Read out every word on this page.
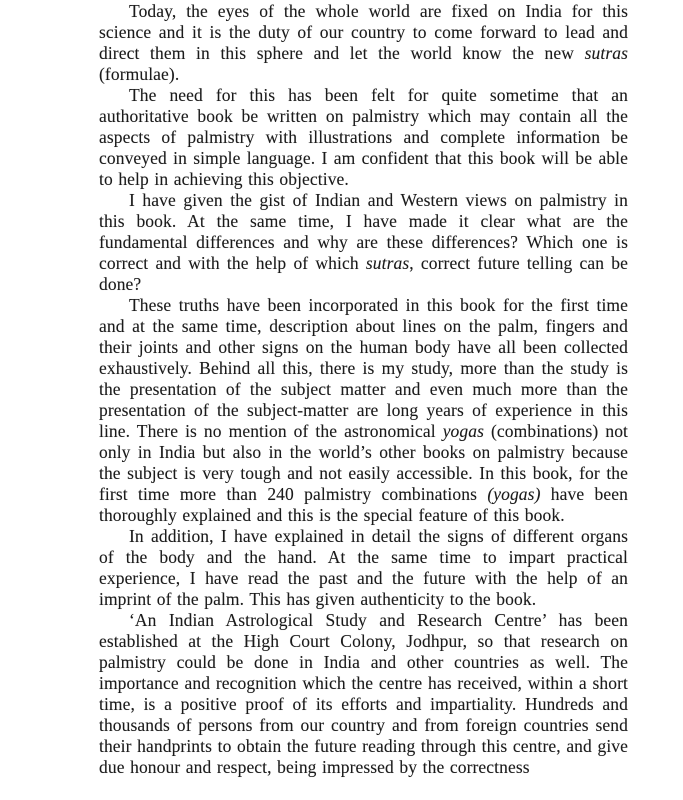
Today, the eyes of the whole world are fixed on India for this science and it is the duty of our country to come forward to lead and direct them in this sphere and let the world know the new sutras (formulae).

The need for this has been felt for quite sometime that an authoritative book be written on palmistry which may contain all the aspects of palmistry with illustrations and complete information be conveyed in simple language. I am confident that this book will be able to help in achieving this objective.

I have given the gist of Indian and Western views on palmistry in this book. At the same time, I have made it clear what are the fundamental differences and why are these differences? Which one is correct and with the help of which sutras, correct future telling can be done?

These truths have been incorporated in this book for the first time and at the same time, description about lines on the palm, fingers and their joints and other signs on the human body have all been collected exhaustively. Behind all this, there is my study, more than the study is the presentation of the subject matter and even much more than the presentation of the subject-matter are long years of experience in this line. There is no mention of the astronomical yogas (combinations) not only in India but also in the world’s other books on palmistry because the subject is very tough and not easily accessible. In this book, for the first time more than 240 palmistry combinations (yogas) have been thoroughly explained and this is the special feature of this book.

In addition, I have explained in detail the signs of different organs of the body and the hand. At the same time to impart practical experience, I have read the past and the future with the help of an imprint of the palm. This has given authenticity to the book.

‘An Indian Astrological Study and Research Centre’ has been established at the High Court Colony, Jodhpur, so that research on palmistry could be done in India and other countries as well. The importance and recognition which the centre has received, within a short time, is a positive proof of its efforts and impartiality. Hundreds and thousands of persons from our country and from foreign countries send their handprints to obtain the future reading through this centre, and give due honour and respect, being impressed by the correctness
